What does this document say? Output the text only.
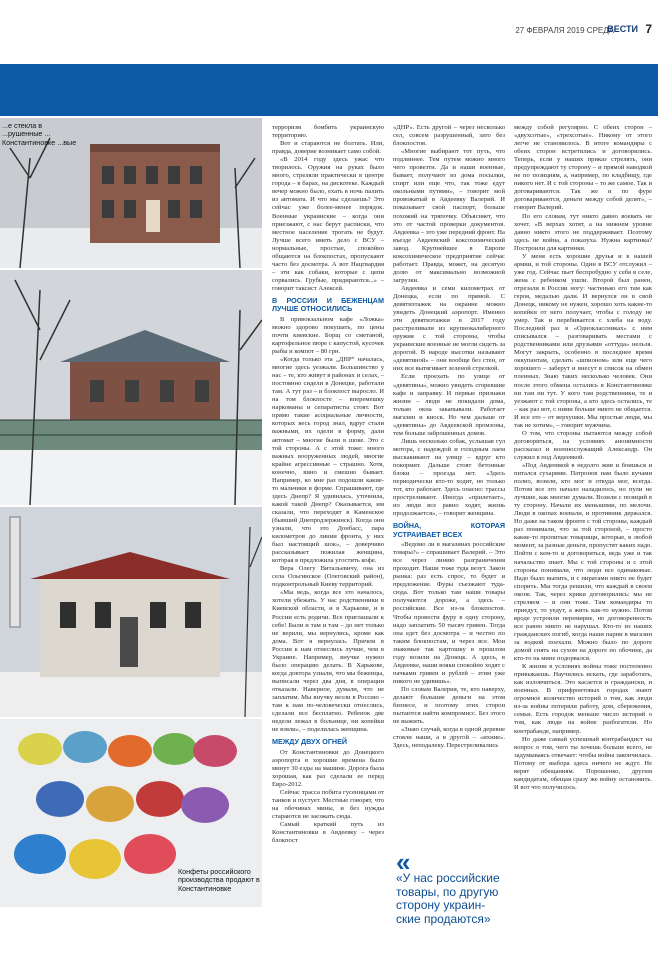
27 ФЕВРАЛЯ 2019 СРЕДА
ВЕСТИ 7
...е стекла в ...рушенные ... Константиновке ...вые
Конфеты российского производства продают в Константиновке

терроризм бомбить украинскую территорию.

Вот и стараются не болтать. Или, правда, доверие возникает само собой.

«В 2014 году здесь ужас что творилось. Оружия на руках было много, стреляли практически в центре города – в барах, на дискотеке. Каждый вечер можно было, ехать в ночь палить из автомата. И что мы сделаешь? Это сейчас уже более-менее порядок. Военные украинские – когда они приезжают, с нас берут расписки, что местное население трогать не будут. Лучше всего иметь дело с ВСУ – нормальные, простые, спокойно общаются на блокпостах, пропускают часто без досмотра. А вот Нацгвардия – эти как собаки, которые с цепи сорвались. Грубые, придираются...» – говорит таксист Алексей.

В РОССИИ И БЕЖЕНЦАМ ЛУЧШЕ ОТНОСИЛИСЬ

В привокзальном кафе «Ложка» можно здорово покушать, по цены почти киевские. Борщ со сметаной, картофельное пюре с капустой, кусочек рыбы и компот – 80 грн.

«Когда только эта „ДНР“ началась, многие здесь уезжали. Большинство у нас – те, кто живут в районах и селах, – постоянно сидели в Донецке, работали там. А тут раз – и блокпост выросло. И на том блокпосте – вперемешку наркоманы и сепаратисты стоят. Вот прямо такие асоциальные личности, которых весь город знал, вдруг стали важными, их одели в форму, дали автомат – многие были в шоке. Это с той стороны. А с этой тоже: много важных вооруженных людей, многие крайне агрессивные – страшно. Хотя, конечно, вино и смешно бывает. Например, ко мне раз подошли какие-то мальчики в форме. Спрашивают, где здесь Днепр? Я удивилась, уточнила, какой такой Днепр? Оказывается, им сказали, что переходят в Каменское (бывший Днепродзержинск). Когда они узнали, что это Донбасс, пара километров до линии фронта, у них был настоящий шок», – доверчиво рассказывает пожилая женщина, которая в предложила угостить кофе.

Вера Олегу Витальевичу, она из села Ольгинское (Олеговский район), подконтрольный Киеву территорий.

«Мы ведь, когда все это началось, хотели убежать. У нас родственники в Киевской области, и в Харькове, и в России есть родичи. Все приглашали к себе! Были и там и там – до нет только не верили, мы вернулись, кроме как дома. Вот я вернулась. Причем в России к нам отнеслись лучше, чем в Украине. Например, внучке нужно было операцию делать. В Харькове, когда доктора узнали, что мы беженцы, выписали через два дня, в операции отказали. Наверное, думали, что не заплатим. Мы внучку везли в Россию – там к нам по-человечески отнеслись, сделали все бесплатно. Ребенок две недели лежал в больнице, ни копейки не взяли», – поделилась женщина.

МЕЖДУ ДВУХ ОГНЕЙ

От Константиновки до Донецкого аэропорта в хорошие времена было минут 30 езды на машине. Дорога была хорошая, как раз сделали ее перед Евро-2012.

Сейчас трасса побита гусеницами от танков и пустует. Местные говорят, что на обочинах мины, и без нужды стараются не заезжать сюда.

Самый краткий путь из Константиновки в Авдеевку – через блокпост

«ДНР». Есть другой – через несколько сел, совсем разрушенный, зато без блокпостов.

«Многие выбирают тот путь, что подлиннее. Тем путем можно много чего провезти. Да и наши военные, бывает, получают из дома посылки, спирт или еще что, так тоже едут окольными путями», – говорит мой провожатый в Авдеевку Валерий. И показывает свой паспорт, больше похожий на тряпочку. Объясняет, что это от частой проверки документов. Авдеевка – это уже передний фронт. На въезде Авдеевский коксохимический завод. Крупнейшее в Европе коксохимическое предприятие сейчас работает. Правда, может, на десятую долю от максимально возможной загрузки.

Авдеевка и семи километрах от Донецка, если по прямой. С девятиэтажек на окраине можно увидеть Донецкий аэропорт. Именно эти девятиэтажки в 2017 году расстреливали из крупнокалиберного оружия с той стороны, чтобы украинские военные не могли сидеть за дорогой. В народе высотки называют «девятиной» – они вообще без стен, от них все вытягивает зеленой стрелкой.

Если проехать по улице от «девятины», можно увидеть сгоревшие кафе и заправку. И первые признаки жизни – люди не покидали дома, только окна закапывали. Работает магазин и киоск. Но чем дальше от «девятины» до Авдеевской промзоны, тем больше заброшенных домов.

Лишь несколько собак, услышав гул мотора, с надеждой и голодным лаем выскакивают на улицу – вдруг кто покормит. Дальше стоят бетонные блоки – проезда нет. «Здесь периодически кто-то ходит, но только тот, кто работает. Здесь опасно: трассы простреливают. Иногда «прилетает», но люди все равно ходят, жизнь продолжается», – говорит женщина.

ВОЙНА, КОТОРАЯ УСТРАИВАЕТ ВСЕХ

«Ведомо ли в магазинах российские товары?» – спрашивает Валерий. – Это все через линию разграничения проходит. Наши тоже туда везут. Закон рынка: раз есть спрос, то будет и предложение. Фуры съезжают туда-сюда. Вот только там наши товары получаются дороже, а здесь – российские. Все из-за блокпостов. Чтобы провести фуру в одну сторону, надо заплатить 50 тысяч гривен. Тогда она едет без досмотра – и честно по таким блокпостам, и через все. Мои знакомые так картошку в прошлом году возили на Донецк. А здесь, в Авдеевке, наши вояки спокойно ходят с пачками гривен и рублей – этим уже никого не удивишь».

По словам Валерия, те, кто наверху, делают большие деньги на этом бизнесе, и поэтому этих сторон пытаются найти компромисс. Без этого не выжить.

«Знаю случай, когда в одной деревне стояли наши, а в другой – «ихние». Здесь, неподалеку. Перестреливались

между собой регулярно. С обеих сторон – «двухсотые», «трехсотые». Никому от этого легче не становилось. В итоге командиры с обеих сторон встретились и договорились. Теперь, если у наших приказ стрелять, они предупреждают ту сторону – и прямой наводкой не по позициям, а, например, по кладбищу, где никого нет. И с той стороны – то же самое. Так и договариваются. Так же и по фуре договариваются, деньги между собой делят», – говорит Валерий.

По его словам, тут никто давно воевать не хочет. «В верхах хотят, а на нижнем уровне давно никто этого не поддерживает. Поэтому здесь не война, а показуха. Нужна картинка? Построили для картинки.

У меня есть хорошие друзья и в нашей армии, и той стороны. Один в ВСУ отслужил – уже год. Сейчас пьет беспробудно у себя в селе, жена с ребенком ушли. Второй был ранен, отрезали в России ногу: частенько его там как героя, медалью дали. И вернулся он в свой Донецк, никому не нужен, хорошо хоть какие-то копейки от него получает, чтобы с голоду не умер. Так и перебивается с хлеба на воду. Последний раз в «Одноклассниках» с ним списывался – разговаривать местами с родственниками или друзьями «оттуда» нельзя. Могут закрыть, особенно в последнее время оккупантам, сделать «шпионом» или еще чего хорошего – заберут и внесут в список на обмен пленных. Знаю таких несколько человек. Они после этого обмена остались в Константиновке ни там ни тут. У кого там родственники, те и уезжают с той стороны, а кто здесь остались, те – как раз вот, с ними больше никто не общается. И все это – от верхушки. Мы простые люди, мы так не хотим», – говорит мужчина.

О том, что стороны пытаются между собой договориться, на условиях анонимности рассказал и военнослужащий Александр. Он служил в под Авдеевкой.

«Под Авдеевкой в недолго жив и боишься и питался сухарями. Патронов нам было кучами полно, возили, кто мог и откуда мог, всегда. Потом все это начало наладилось, но пули не лучшие, как многие думали. Возили с позиций в ту сторону. Начали их меньшими, по мелочи. Люди в окопах воевали, и противник держался. Но даже на таком фронте с той стороны, каждый раз понимали, что за той стороной, – просто какие-то пропитые товарищи, которые, в любой момент, за разные деньги, пропустят каких надо. Пойти с кем-то и договориться, ведь уже и так начальство знает. Мы с той стороны и с этой стороны понимали, что люди все одинаковые. Надо было выпить, и с пиратами никто не будет спорить. Мы тогда решили, что каждый в своем окопе. Так, через крики договорились: мы не стреляем – и они тоже. Там командиры то приедут, то уедут, а жить как-то нужно. Потом вроде устроили перемирие, но договоренность все равно никто не нарушал. Кто-то из наших гражданских погиб, когда наши парни в магазин за водкой поехали. Можно было по дороге домой снять на сухом на дороге по обочине, да кто-то на мине подорвался.

К жизни в условиях войны тоже постепенно привыкаешь. Научились искать, где заработать, как изловчиться. Это касается и граждански, и военных. В прифронтовых городах знают огромное количество историй о том, как люди из-за войны потеряли работу, дом, сбережения, семьи. Есть городок меньше число историй о том, как люди на войне разбогатели. Но контрабанде, например.

Но даже самый успешный контрабандист на вопрос о том, чего ты хочешь больше всего, не задумываясь отвечает: чтобы война закончилась. Потому от выбора здесь ничего не ждут. Не верят обещаниям. Порошенко, другим кандидатам, обещая сразу же войну остановить. И вот что получилось.

«
«У нас российские товары, по другую сторону украин-ские продаются»
